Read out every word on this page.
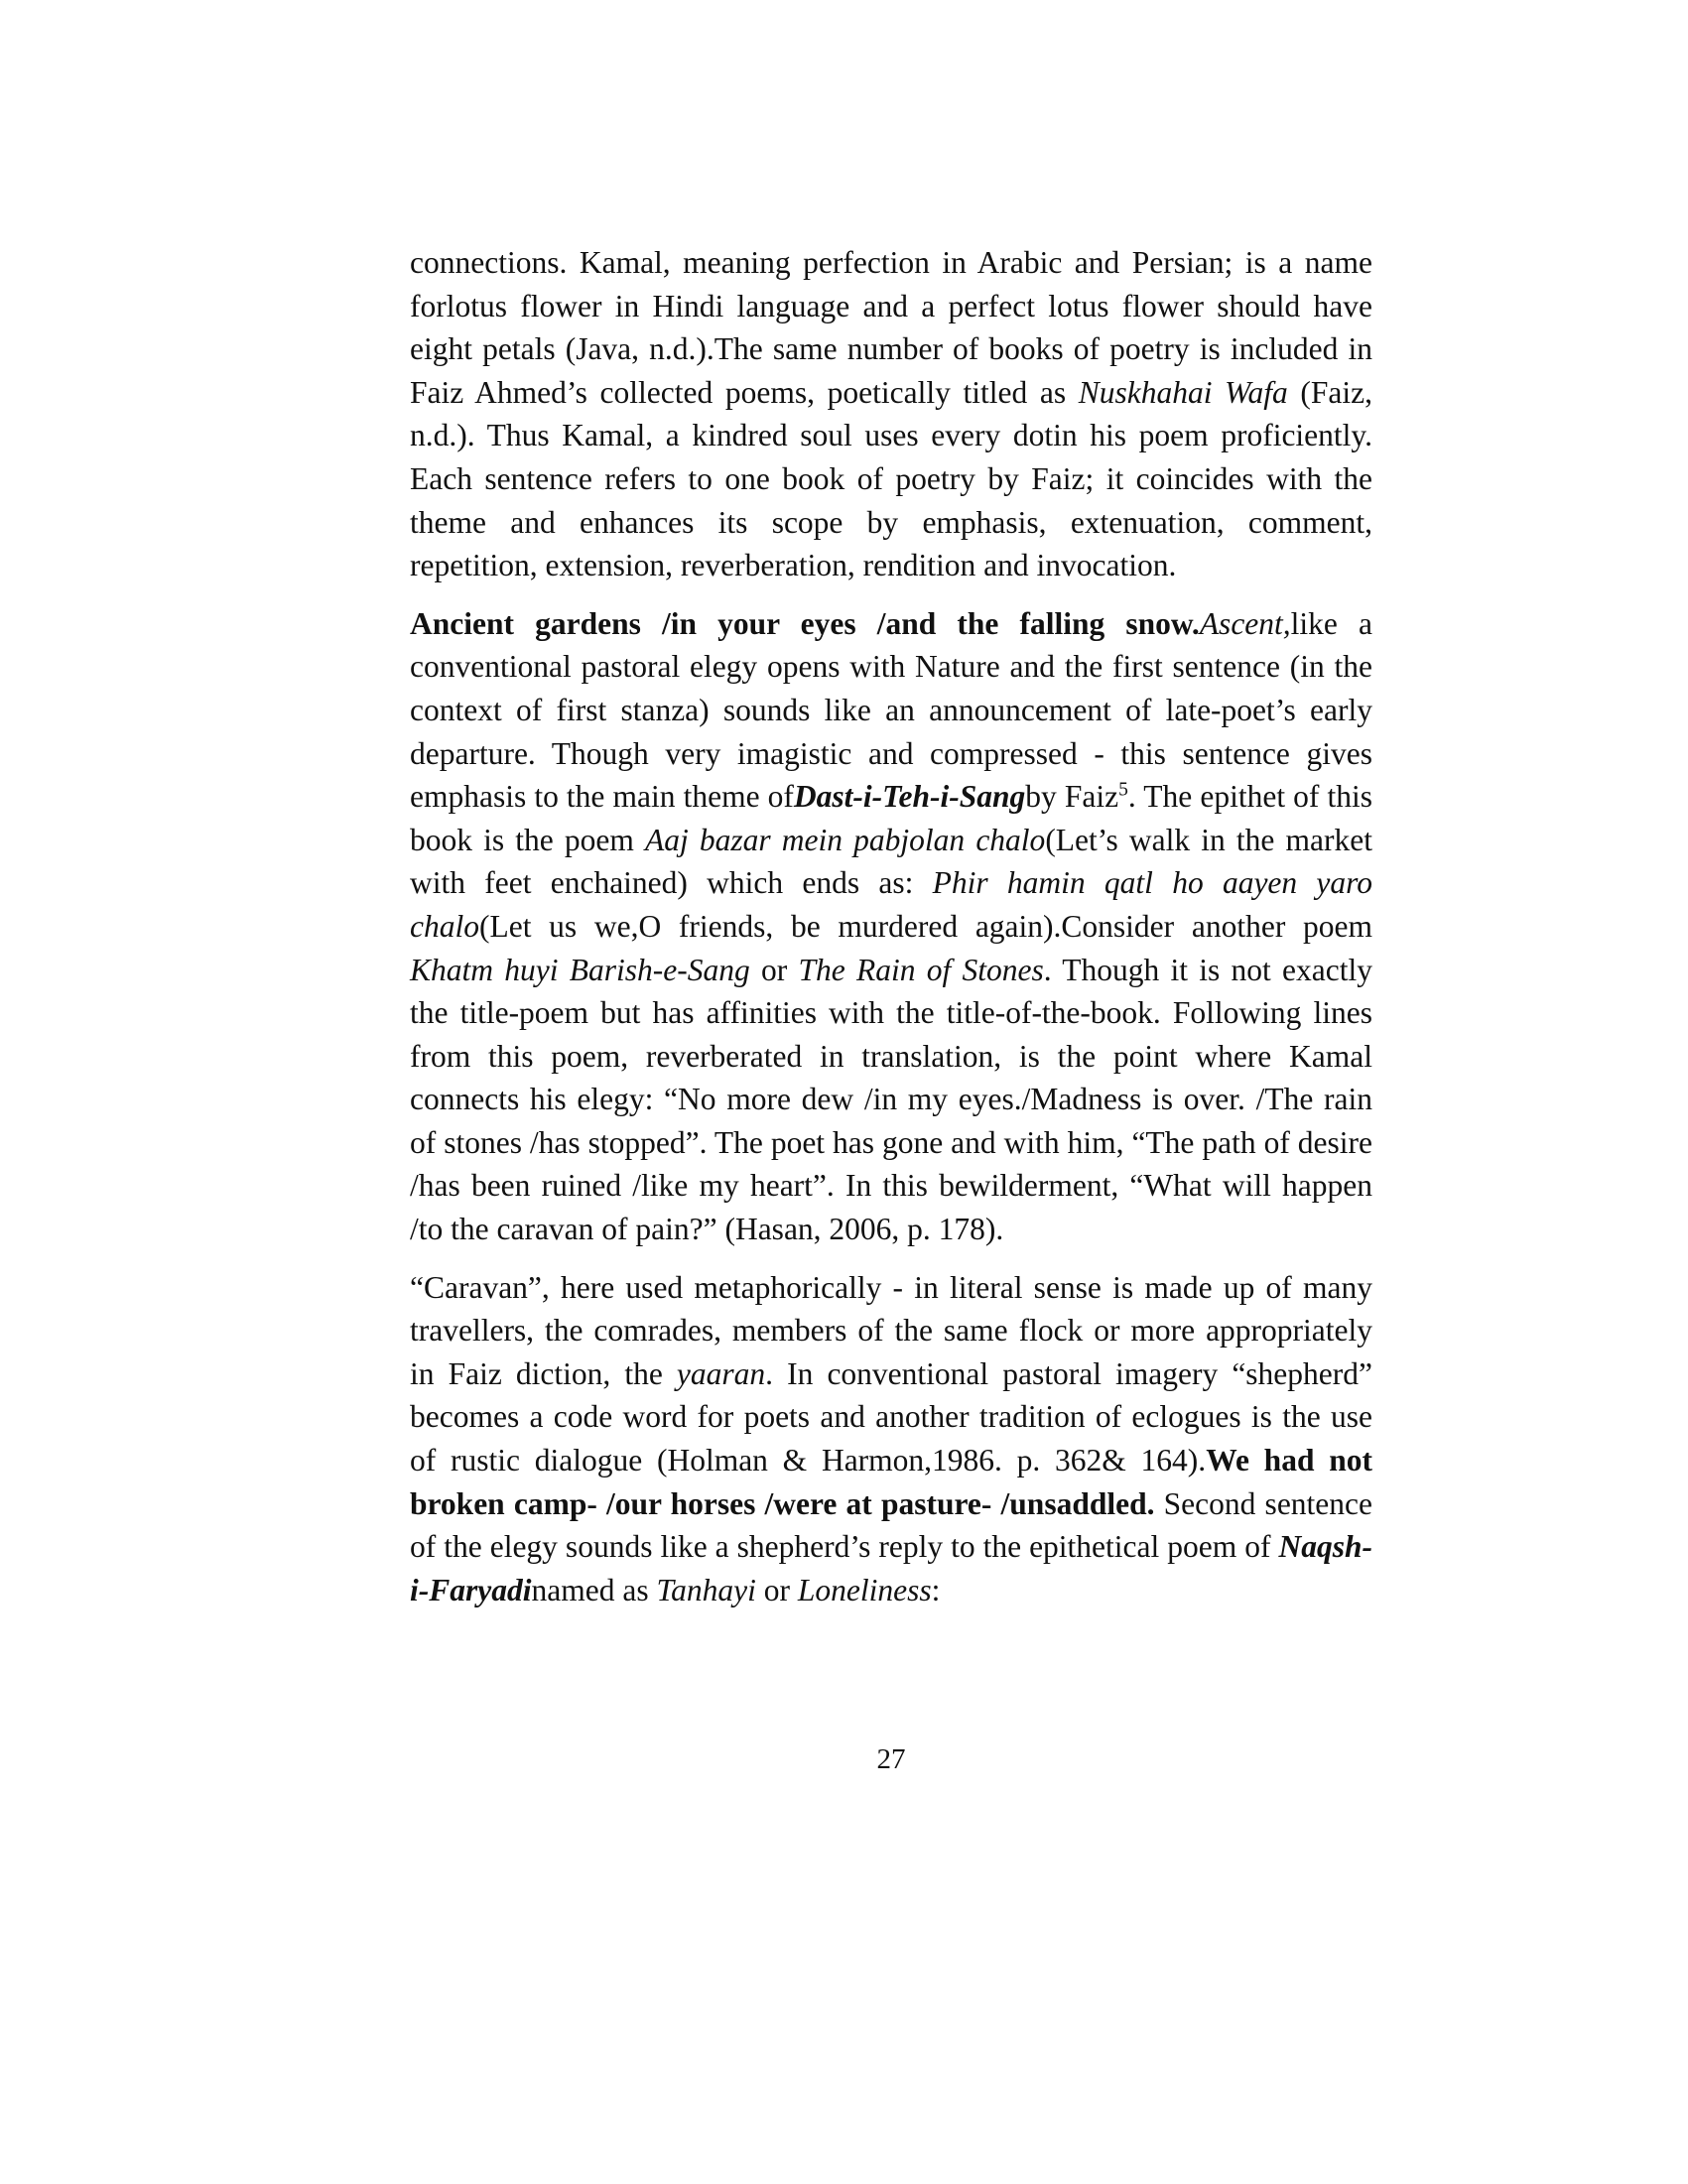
connections. Kamal, meaning perfection in Arabic and Persian; is a name forlotus flower in Hindi language and a perfect lotus flower should have eight petals (Java, n.d.).The same number of books of poetry is included in Faiz Ahmed’s collected poems, poetically titled as Nuskhahai Wafa (Faiz, n.d.). Thus Kamal, a kindred soul uses every dotin his poem proficiently. Each sentence refers to one book of poetry by Faiz; it coincides with the theme and enhances its scope by emphasis, extenuation, comment, repetition, extension, reverberation, rendition and invocation.

Ancient gardens /in your eyes /and the falling snow.Ascent,like a conventional pastoral elegy opens with Nature and the first sentence (in the context of first stanza) sounds like an announcement of late-poet’s early departure. Though very imagistic and compressed - this sentence gives emphasis to the main theme ofDast-i-Teh-i-Sangby Faiz$^5$. The epithet of this book is the poem Aaj bazar mein pabjolan chalo(Let’s walk in the market with feet enchained) which ends as: Phir hamin qatl ho aayen yaro chalo(Let us we,O friends, be murdered again).Consider another poem Khatm huyi Barish-e-Sang or The Rain of Stones. Though it is not exactly the title-poem but has affinities with the title-of-the-book. Following lines from this poem, reverberated in translation, is the point where Kamal connects his elegy: “No more dew /in my eyes./Madness is over. /The rain of stones /has stopped”. The poet has gone and with him, “The path of desire /has been ruined /like my heart”. In this bewilderment, “What will happen /to the caravan of pain?” (Hasan, 2006, p. 178).

“Caravan”, here used metaphorically - in literal sense is made up of many travellers, the comrades, members of the same flock or more appropriately in Faiz diction, the yaaran. In conventional pastoral imagery “shepherd” becomes a code word for poets and another tradition of eclogues is the use of rustic dialogue (Holman & Harmon,1986. p. 362& 164).We had not broken camp- /our horses /were at pasture- /unsaddled. Second sentence of the elegy sounds like a shepherd’s reply to the epithetical poem of Naqsh-i-Faryadinamed as Tanhayi or Loneliness:

27
